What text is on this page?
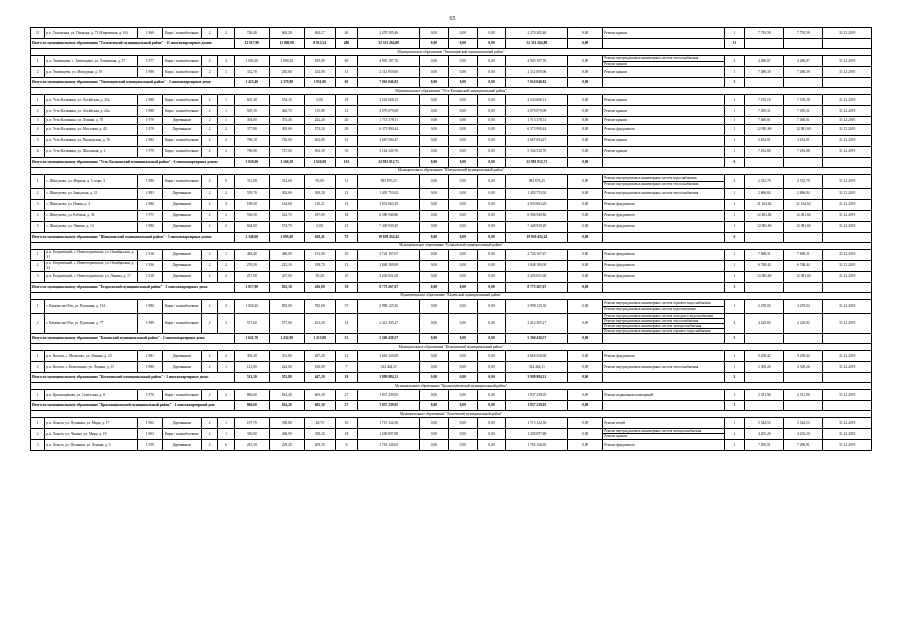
65
11	р.п. Тальменка, ул. Пионера, д. 71 (Кирпичная, д. 16)	1 969	Кирп./ шлакоблочные	2	2	726,40	662,20	484,17	26	2 270 305,46	0,00	0,00	0,00	2 270 305,46	0,00	Ремонт крыши	1	7 792,58	7 792,58	31.12.2019
Итого по муниципальному образованию "Тальменский муниципальный район" - 11 многоквартирных домов:						12 017,90	11 080,90	8 013,54	486	52 351 264,88	0,00	0,00	0,00	52 351 264,88	0,00		13			
Муниципальное образование "Тюменцевский муниципальный район"																				
1	р.п. Тюменцево, с. Тюменцево, ул. Ленинская, д. 57	1 977	Кирп./ шлакоблочные	2	2	1 083,20	1 080,20	819,00	49	4 903 187,76	0,00	0,00	0,00	4 903 187,76	0,00	Ремонт внутридомовых инженерных систем теплоснабжения
Ремонт крыши	2	4 486,87	4 486,87	31.12.2019
2	р.п. Тюменцево, ул. Мичурина, д. 19	1 980	Кирп./ шлакоблочные	2	1	332,70	282,00	232,00	11	2 112 859,06	0,00	0,00	0,00	2 112 859,06	0,00	Ремонт крыши	1	7 488,39	7 488,39	31.12.2019
Итого по муниципальному образованию "Тюменцевский муниципальный район" - 2 многоквартирных дома:						1 415,40	1 370,80	1 051,00	60	7 016 046,82	0,00	0,00	0,00	7 016 046,82	0,00		3			
Муниципальное образование "Усть-Калманский муниципальный район"																				
1	р.п. Усть-Калманка, ул. Алтайская, д. 23а	1 988	Кирп./ шлакоблочные	2	1	601,30	534,10	0,00	18	2 543 608,13	0,00	0,00	0,00	2 543 608,13	0,00	Ремонт крыши	1	7 195,18	7 195,18	31.12.2019
2	р.п. Усть-Калманка, ул. Алтайская, д. 24а	1 988	Кирп./ шлакоблочные	2	1	505,10	462,70	115,80	12	2 079 079,08	0,00	0,00	0,00	2 079 079,08	0,00	Ремонт крыши	1	7 495,31	7 495,31	31.12.2019
3	р.п. Усть-Калманка, ул. Ленина, д. 70	1 979	Деревянные	2	1	394,00	373,40	242,20	20	1 713 378,31	0,00	0,00	0,00	1 713 378,31	0,00	Ремонт крыши	1	7 460,01	7 460,01	31.12.2019
4	р.п. Усть-Калманка, ул. Мостовая, д. 45	1 979	Деревянные	2	2	377,80	303,60	274,30	28	6 373 990,44	0,00	0,00	0,00	6 373 990,44	0,00	Ремонт фундамента	1	12 081,60	12 081,60	31.12.2019
5	р.п. Усть-Калманка, ул. Пионерская, д. 76	1 982	Кирп./ шлакоблочные	2	2	796,10	720,00	402,80	31	2 667 094,47	0,00	0,00	0,00	2 667 094,47	0,00	Ремонт крыши	1	3 652,91	3 652,91	31.12.2019
6	р.п. Усть-Калманка, ул. Школьная, д. 2	1 979	Кирп./ шлакоблочные	2	2	796,90	727,00	502,30	35	5 164 520,76	0,00	0,00	0,00	5 164 520,76	0,00	Ремонт крыши	1	7 292,88	7 292,88	31.12.2019
Итого по муниципальному образованию "Усть-Калманский муниципальный район" - 6 многоквартирных домов:						3 820,60	3 160,30	1 626,90	161	22 981 812,71	0,00	0,00	0,00	22 981 812,71	0,00		6			
Муниципальное образование "Шипуновский муниципальный район"																				
1	с. Шипуново, ул. Мирная, д. 5, корп. 3	1 986	Кирп./ шлакоблочные	2	0	311,00	312,60	95,00	11	983 876,25	0,00	0,00	0,00	983 876,25	0,00	Ремонт внутридомовых инженерных систем водоснабжения
Ремонт внутридомовых инженерных систем теплоснабжения	2	2 352,79	2 352,79	31.12.2019
2	с. Шипуново, ул. Заводская, д. 21	1 983	Деревянные	2	2	539,70	492,60	369,30	12	1 403 753,02	0,00	0,00	0,00	1 403 753,02	0,00	Ремонт внутридомовых инженерных систем теплоснабжения	1	2 866,84	2 866,84	31.12.2019
3	с. Шипуново, ул. Новая, д. 4	1 986	Деревянные	2	3	198,30	164,60	119,21	13	3 933 063,29	0,00	0,00	0,00	3 933 063,29	0,00	Ремонт фундамента	1	21 164,62	21 164,62	31.12.2019
4	с. Шипуново, ул. Рабочая, д. 50	1 975	Деревянные	2	2	536,50	522,70	187,90	18	6 586 940,86	0,00	0,00	0,00	6 586 940,86	0,00	Ремонт фундамента	1	12 481,84	12 481,84	31.12.2019
5	с. Шипуново, ул. Ленина, д. 14	1 986	Деревянные	2	2	604,00	574,70	0,00	21	7 449 939,29	0,00	0,00	0,00	7 449 939,29	0,00	Ремонт фундамента	1	12 081,60	12 081,60	31.12.2019
Итого по муниципальному образованию "Шипуновский муниципальный район" - 5 многоквартирных домов:						2 340,60	2 095,00	628,41	75	19 059 452,42	0,00	0,00	0,00	19 059 452,42	0,00		6			
Муниципальное образование "Егорьевский муниципальный район"																				
1	р.п. Егорьевский, с. Новоегорьевское, ул. Октябрьская, д. 31	1 916	Деревянные	2	1	484,40	400,00	152,90	16	3 724 107,67	0,00	0,00	0,00	3 724 107,67	0,00	Ремонт фундамента	1	7 698,31	7 698,31	31.12.2019
2	р.п. Егорьевский, с. Новоегорьевское, ул. Октябрьская, д. 34	1 936	Деревянные	2	2	276,30	215,10	188,70	13	1 848 109,00	0,00	0,00	0,00	1 848 109,00	0,00	Ремонт фундамента	1	6 768,44	6 768,44	31.12.2019
3	р.п. Егорьевский, с. Новоегорьевское, ул. Ленина, д. 17	1 918	Деревянные	2	2	257,00	237,00	95,20	10	3 203 051,00	0,00	0,00	0,00	3 203 051,00	0,00	Ремонт фундамента	1	12 081,60	12 081,60	31.12.2019
Итого по муниципальному образованию "Егорьевский муниципальный район" - 3 многоквартирных дома:						1 017,90	852,10	436,80	39	8 775 267,67	0,00	0,00	0,00	8 775 267,67	0,00		3			
Муниципальное образование "Каменский муниципальный район"																				
1	г. Камень-на-Оби, ул. Пушкина, д. 154	1 986	Кирп./ шлакоблочные	2	3	1 050,20	855,00	782,60	37	2 998 125,30	0,00	0,00	0,00	2 998 125,30	0,00	Ремонт внутридомовых инженерных систем горячего водоснабжения
Ремонт внутридомовых инженерных систем водоотведения	1	3 478,04	3 478,04	31.12.2019
2	г. Камень-на-Оби, ул. Пушкина, д. 77	1 989	Кирп./ шлакоблочные	2	3	571,60	577,00	431,20	14	2 412 305,27	0,00	0,00	0,00	2 412 305,27	0,00	Ремонт внутридомовых инженерных систем холодного водоснабжения
Ремонт внутридомовых инженерных систем теплоснабжения
Ремонт внутридомовых инженерных систем электроснабжения
Ремонт внутридомовых инженерных систем горячего водоснабжения	4	4 220,82	4 220,82	31.12.2019
Итого по муниципальному образованию "Каменский муниципальный район" - 2 многоквартирных дома:						1 621,70	1 432,00	1 213,80	51	5 360 430,57	0,00	0,00	0,00	5 360 430,57	0,00		5			
Муниципальное образование "Косихинский муниципальный район"																				
1	р.п. Косиха, с. Малахово, ул. Ленина, д. 25	1 981	Деревянные	2	2	392,20	331,80	287,20	12	3 665 520,00	0,00	0,00	0,00	3 665 520,00	0,00	Ремонт фундамента	1	9 258,42	9 258,42	31.12.2019
2	р.п. Косиха, с. Контошино, ул. Ленина, д. 15	1 980	Деревянные	2	1	121,00	222,00	160,00	7	334 464,31	0,00	0,00	0,00	334 464,31	0,00	Ремонт внутридомовых инженерных систем теплоснабжения	1	2 300,26	2 300,26	31.12.2019
Итого по муниципальному образованию "Косихинский муниципальный район" - 2 многоквартирных дома:						513,20	553,80	447,20	19	3 999 984,31	0,00	0,00	0,00	3 999 984,31	0,00		2			
Муниципальное образование "Краснощёковский муниципальный район"																				
1	р.п. Краснощёково, ул. Советская, д. 8	1 976	Кирп./ шлакоблочные	2	2	866,60	814,20	665,30	27	1 837 239,05	0,00	0,00	0,00	1 837 239,05	0,00	Ремонт подвальных помещений	1	2 351,96	2 351,96	31.12.2019
Итого по муниципальному образованию "Краснощёковский муниципальный район" - 1 многоквартирный дом:						866,60	814,20	665,30	27	1 837 239,05	0,00	0,00	0,00	1 837 239,05	0,00		1			
Муниципальное образование "Локтевский муниципальный район"																				
1	р.п. Локоть, ул. Пушкина, ул. Мира, д. 17	1 962	Деревянные	2	1	187,70	530,80	48,70	10	1 715 122,56	0,00	0,00	0,00	1 715 122,56	0,00	Ремонт печей	1	5 344,53	5 344,53	31.12.2019
2	р.п. Локоть, ул. Ленина, ул. Мира, д. 19	1 963	Кирп./ шлакоблочные	2	1	336,90	266,90	358,20	18	1 200 897,88	0,00	0,00	0,00	1 200 897,88	0,00	Ремонт внутридомовых инженерных систем электроснабжения
Ремонт крыши	2	4 203,20	4 203,20	31.12.2019
3	р.п. Локоть, ул. Пушкина, ул. Ленина, д. 5	1 959	Деревянные	2	6	245,30	229,20	209,30	8	1 765 126,65	0,00	0,00	0,00	1 765 126,65	0,00	Ремонт фундамента	1	7 200,91	7 200,91	31.12.2019
